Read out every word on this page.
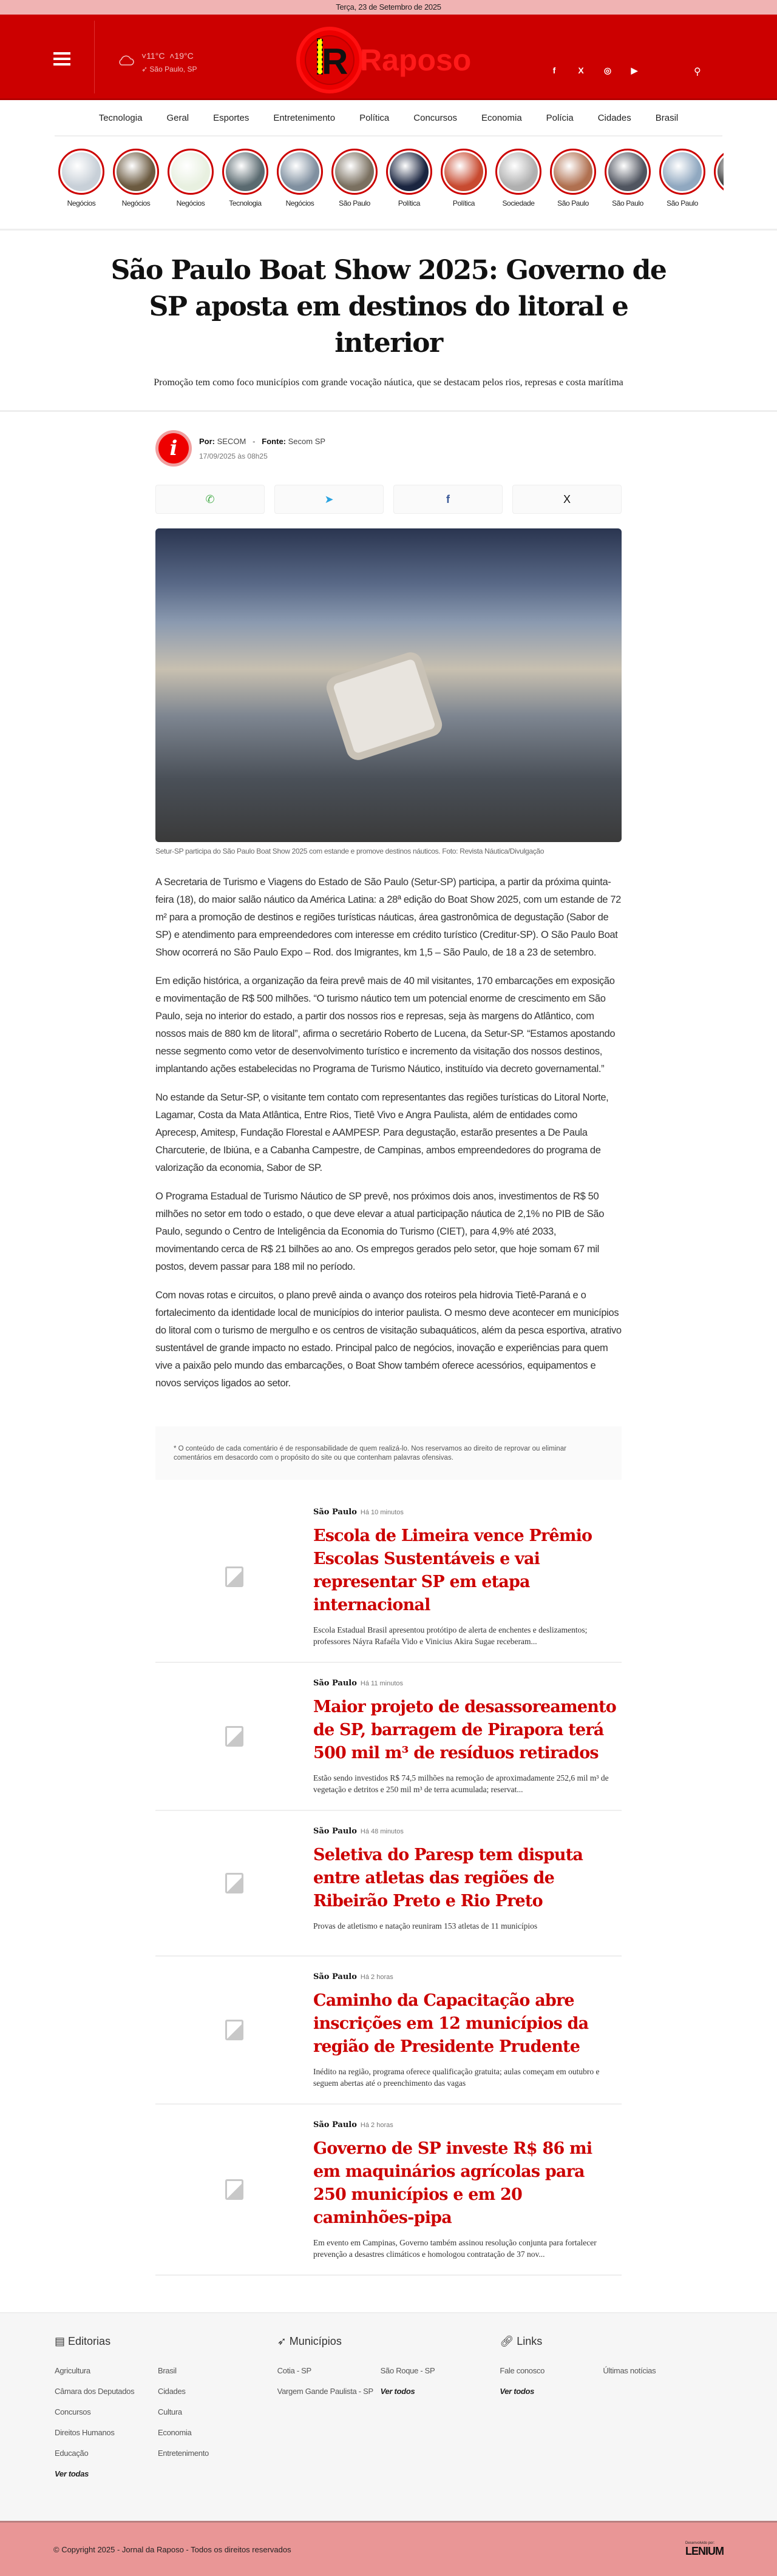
Terça, 23 de Setembro de 2025
˅11°C  ˄19°C
➶ São Paulo, SP	R Raposo	f	X ◎ ▶	⚲
Tecnologia	Geral	Esportes	Entretenimento	Política	Concursos	Economia	Polícia	Cidades	Brasil
Negócios	Negócios	Negócios	Tecnologia	Negócios	São Paulo	Política	Política	Sociedade	São Paulo	São Paulo	São Paulo
São Paulo Boat Show 2025: Governo de SP aposta em destinos do litoral e interior

Promoção tem como foco municípios com grande vocação náutica, que se destacam pelos rios, represas e costa marítima

i	Por: SECOM   -   Fonte: Secom SP
17/09/2025 às 08h25
✆	➤	f	X
Setur-SP participa do São Paulo Boat Show 2025 com estande e promove destinos náuticos. Foto: Revista Náutica/Divulgação

A Secretaria de Turismo e Viagens do Estado de São Paulo (Setur-SP) participa, a partir da próxima quinta-feira (18), do maior salão náutico da América Latina: a 28ª edição do Boat Show 2025, com um estande de 72 m² para a promoção de destinos e regiões turísticas náuticas, área gastronômica de degustação (Sabor de SP) e atendimento para empreendedores com interesse em crédito turístico (Creditur-SP). O São Paulo Boat Show ocorrerá no São Paulo Expo – Rod. dos Imigrantes, km 1,5 – São Paulo, de 18 a 23 de setembro.

Em edição histórica, a organização da feira prevê mais de 40 mil visitantes, 170 embarcações em exposição e movimentação de R$ 500 milhões. “O turismo náutico tem um potencial enorme de crescimento em São Paulo, seja no interior do estado, a partir dos nossos rios e represas, seja às margens do Atlântico, com nossos mais de 880 km de litoral”, afirma o secretário Roberto de Lucena, da Setur-SP. “Estamos apostando nesse segmento como vetor de desenvolvimento turístico e incremento da visitação dos nossos destinos, implantando ações estabelecidas no Programa de Turismo Náutico, instituído via decreto governamental.”

No estande da Setur-SP, o visitante tem contato com representantes das regiões turísticas do Litoral Norte, Lagamar, Costa da Mata Atlântica, Entre Rios, Tietê Vivo e Angra Paulista, além de entidades como Aprecesp, Amitesp, Fundação Florestal e AAMPESP. Para degustação, estarão presentes a De Paula Charcuterie, de Ibiúna, e a Cabanha Campestre, de Campinas, ambos empreendedores do programa de valorização da economia, Sabor de SP.

O Programa Estadual de Turismo Náutico de SP prevê, nos próximos dois anos, investimentos de R$ 50 milhões no setor em todo o estado, o que deve elevar a atual participação náutica de 2,1% no PIB de São Paulo, segundo o Centro de Inteligência da Economia do Turismo (CIET), para 4,9% até 2033, movimentando cerca de R$ 21 bilhões ao ano. Os empregos gerados pelo setor, que hoje somam 67 mil postos, devem passar para 188 mil no período.

Com novas rotas e circuitos, o plano prevê ainda o avanço dos roteiros pela hidrovia Tietê-Paraná e o fortalecimento da identidade local de municípios do interior paulista. O mesmo deve acontecer em municípios do litoral com o turismo de mergulho e os centros de visitação subaquáticos, além da pesca esportiva, atrativo sustentável de grande impacto no estado. Principal palco de negócios, inovação e experiências para quem vive a paixão pelo mundo das embarcações, o Boat Show também oferece acessórios, equipamentos e novos serviços ligados ao setor.

* O conteúdo de cada comentário é de responsabilidade de quem realizá-lo. Nos reservamos ao direito de reprovar ou eliminar comentários em desacordo com o propósito do site ou que contenham palavras ofensivas.
São Paulo Há 10 minutos
Escola de Limeira vence Prêmio Escolas Sustentáveis e vai representar SP em etapa internacional

Escola Estadual Brasil apresentou protótipo de alerta de enchentes e deslizamentos; professores Náyra Rafaéla Vido e Vinicius Akira Sugae receberam...

São Paulo Há 11 minutos
Maior projeto de desassoreamento de SP, barragem de Pirapora terá 500 mil m³ de resíduos retirados

Estão sendo investidos R$ 74,5 milhões na remoção de aproximadamente 252,6 mil m³ de vegetação e detritos e 250 mil m³ de terra acumulada; reservat...

São Paulo Há 48 minutos
Seletiva do Paresp tem disputa entre atletas das regiões de Ribeirão Preto e Rio Preto

Provas de atletismo e natação reuniram 153 atletas de 11 municípios

São Paulo Há 2 horas
Caminho da Capacitação abre inscrições em 12 municípios da região de Presidente Prudente

Inédito na região, programa oferece qualificação gratuita; aulas começam em outubro e seguem abertas até o preenchimento das vagas

São Paulo Há 2 horas
Governo de SP investe R$ 86 mi em maquinários agrícolas para 250 municípios e em 20 caminhões-pipa

Em evento em Campinas, Governo também assinou resolução conjunta para fortalecer prevenção a desastres climáticos e homologou contratação de 37 nov...

▤ Editorias
Agricultura	Brasil
Câmara dos Deputados	Cidades
Concursos	Cultura
Direitos Humanos	Economia
Educação	Entretenimento
Ver todas
➶ Municípios
Cotia - SP	São Roque - SP
Vargem Gande Paulista - SP Ver todos
🔗︎ Links
Fale conosco	Últimas notícias
Ver todos
© Copyright 2025 - Jornal da Raposo - Todos os direitos reservados
Desenvolvido por:
LENIUM
